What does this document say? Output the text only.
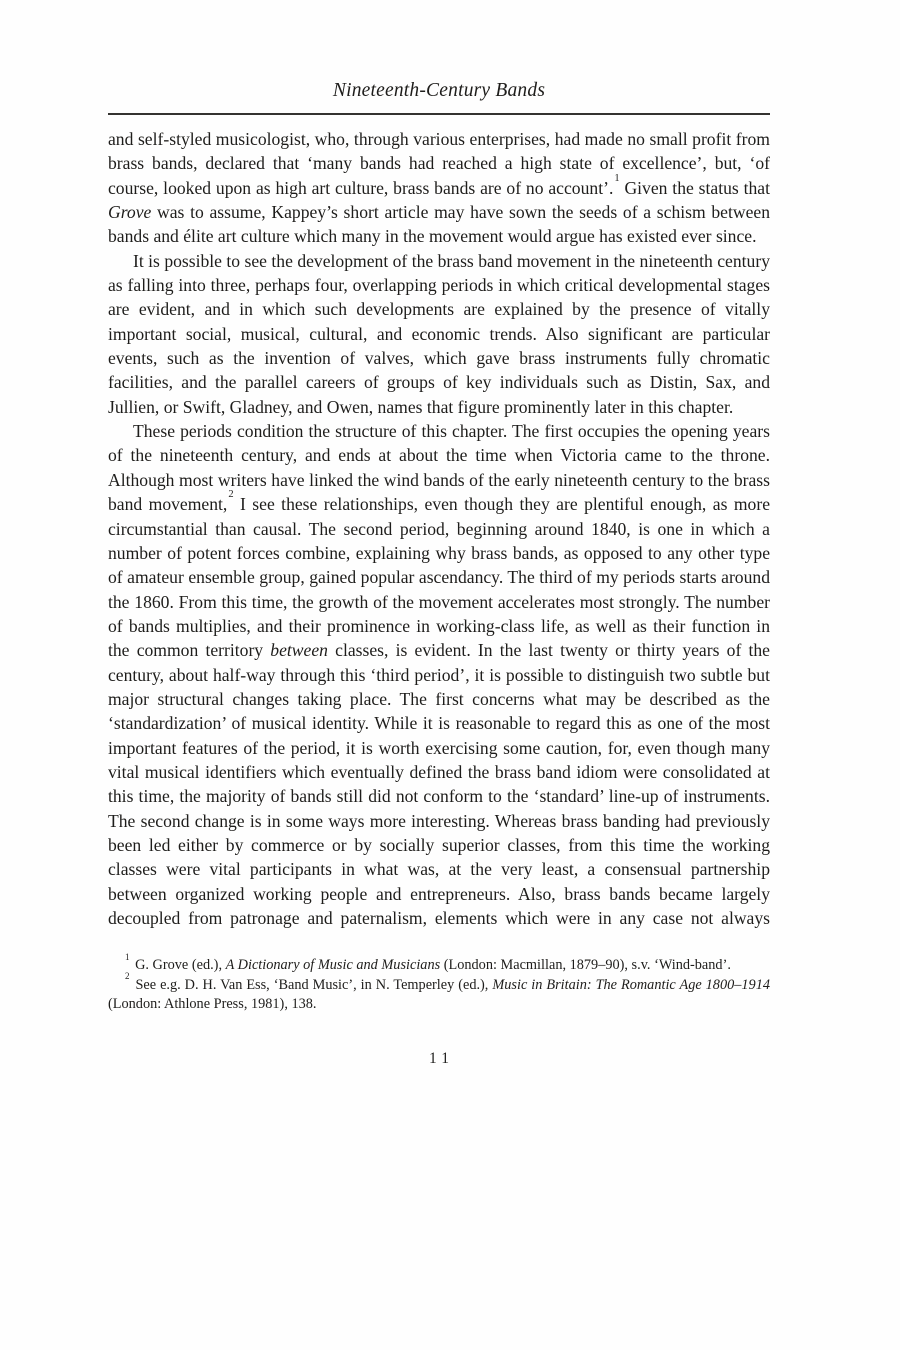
Nineteenth-Century Bands

and self-styled musicologist, who, through various enterprises, had made no small profit from brass bands, declared that ‘many bands had reached a high state of excellence’, but, ‘of course, looked upon as high art culture, brass bands are of no account’.$^1$ Given the status that Grove was to assume, Kappey’s short article may have sown the seeds of a schism between bands and élite art culture which many in the movement would argue has existed ever since.

It is possible to see the development of the brass band movement in the nineteenth century as falling into three, perhaps four, overlapping periods in which critical developmental stages are evident, and in which such developments are explained by the presence of vitally important social, musical, cultural, and economic trends. Also significant are particular events, such as the invention of valves, which gave brass instruments fully chromatic facilities, and the parallel careers of groups of key individuals such as Distin, Sax, and Jullien, or Swift, Gladney, and Owen, names that figure prominently later in this chapter.

These periods condition the structure of this chapter. The first occupies the opening years of the nineteenth century, and ends at about the time when Victoria came to the throne. Although most writers have linked the wind bands of the early nineteenth century to the brass band movement,$^2$ I see these relationships, even though they are plentiful enough, as more circumstantial than causal. The second period, beginning around 1840, is one in which a number of potent forces combine, explaining why brass bands, as opposed to any other type of amateur ensemble group, gained popular ascendancy. The third of my periods starts around the 1860. From this time, the growth of the movement accelerates most strongly. The number of bands multiplies, and their prominence in working-class life, as well as their function in the common territory between classes, is evident. In the last twenty or thirty years of the century, about half-way through this ‘third period’, it is possible to distinguish two subtle but major structural changes taking place. The first concerns what may be described as the ‘standardization’ of musical identity. While it is reasonable to regard this as one of the most important features of the period, it is worth exercising some caution, for, even though many vital musical identifiers which eventually defined the brass band idiom were consolidated at this time, the majority of bands still did not conform to the ‘standard’ line-up of instruments. The second change is in some ways more interesting. Whereas brass banding had previously been led either by commerce or by socially superior classes, from this time the working classes were vital participants in what was, at the very least, a consensual partnership between organized working people and entrepreneurs. Also, brass bands became largely decoupled from patronage and paternalism, elements which were in any case not always

$^1$ G. Grove (ed.), A Dictionary of Music and Musicians (London: Macmillan, 1879–90), s.v. ‘Wind-band’.

$^2$ See e.g. D. H. Van Ess, ‘Band Music’, in N. Temperley (ed.), Music in Britain: The Romantic Age 1800–1914 (London: Athlone Press, 1981), 138.

11
